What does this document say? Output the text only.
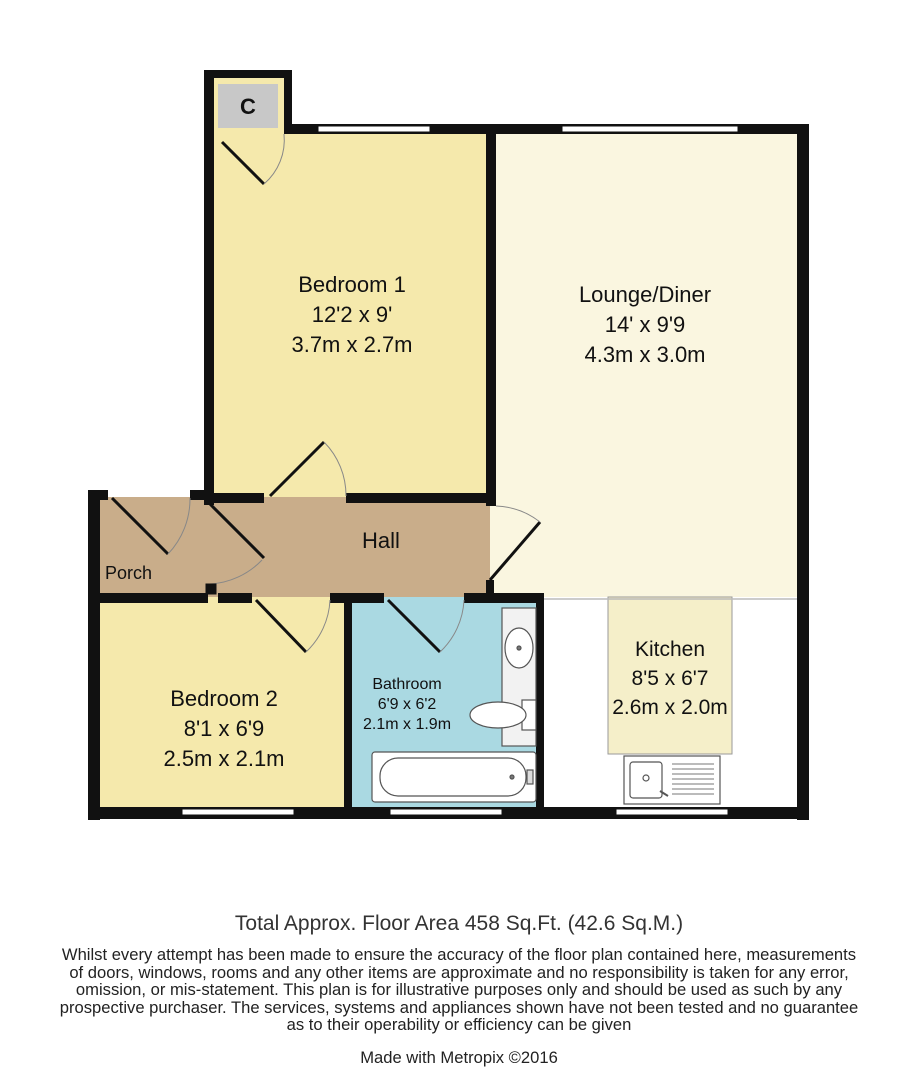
C
Bedroom 1
12'2 x 9'
3.7m x 2.7m
Lounge/Diner
14' x 9'9
4.3m x 3.0m
Hall
Porch
Kitchen
8'5 x 6'7
2.6m x 2.0m
Bathroom
6'9 x 6'2
2.1m x 1.9m
Bedroom 2
8'1 x 6'9
2.5m x 2.1m
Total Approx. Floor Area 458 Sq.Ft. (42.6 Sq.M.)
Whilst every attempt has been made to ensure the accuracy of the floor plan contained here, measurements
of doors, windows, rooms and any other items are approximate and no responsibility is taken for any error,
omission, or mis-statement. This plan is for illustrative purposes only and should be used as such by any
prospective purchaser. The services, systems and appliances shown have not been tested and no guarantee
as to their operability or efficiency can be given
Made with Metropix ©2016
